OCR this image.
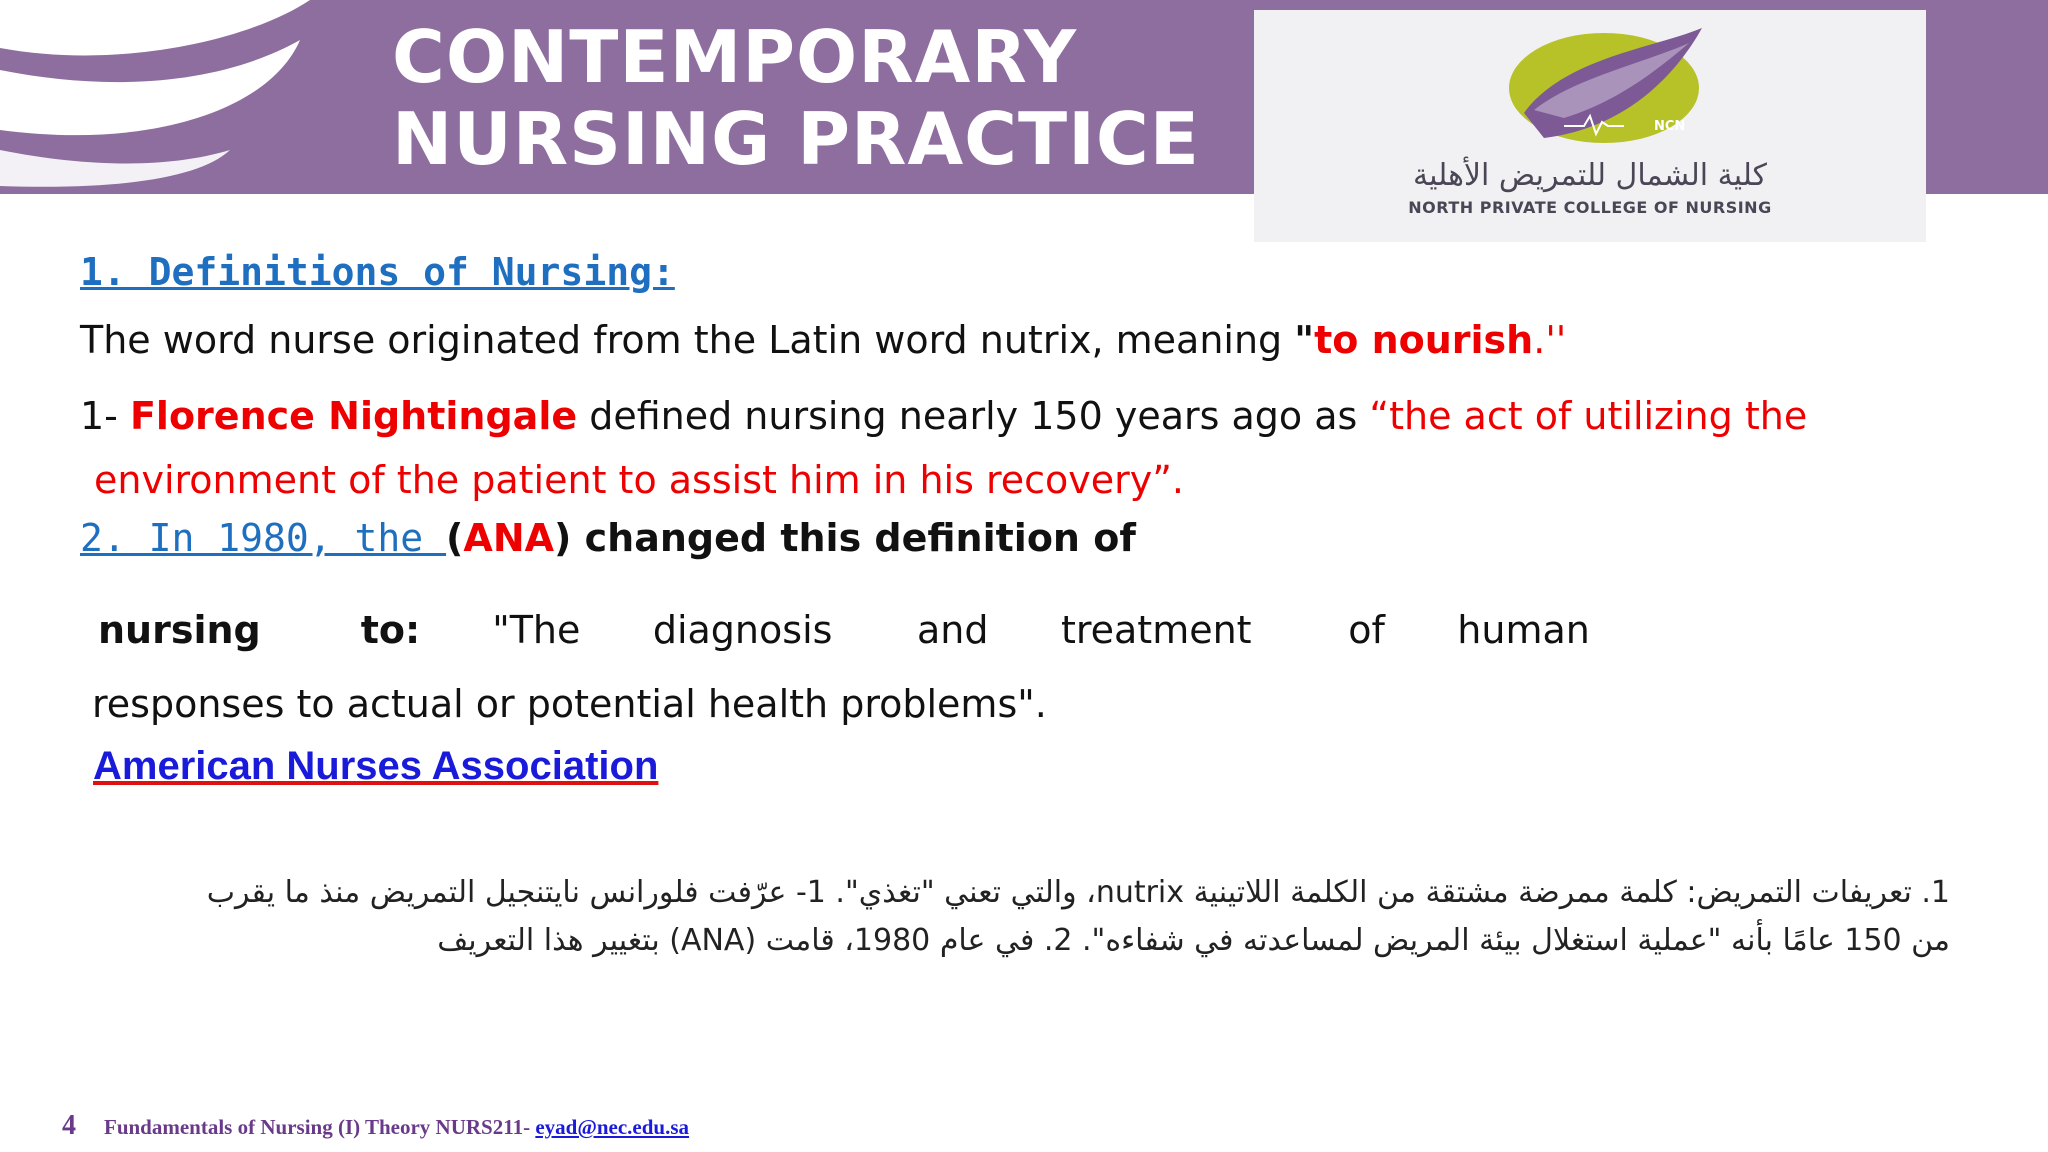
CONTEMPORARY
NURSING PRACTICE	NCN

كلية الشمال للتمريض الأهلية

NORTH PRIVATE COLLEGE OF NURSING

1. Definitions of Nursing:

The word nurse originated from the Latin word nutrix, meaning "to nourish.''

1- Florence Nightingale defined nursing nearly 150 years ago as “the act of utilizing the

environment of the patient to assist him in his recovery”.

2. In 1980, the (ANA) changed this definition of

nursing	to: "The      diagnosis       and      treatment        of      human

responses to actual or potential health problems".

American Nurses Association

1. تعريفات التمريض: كلمة ممرضة مشتقة من الكلمة اللاتينية nutrix، والتي تعني "تغذي". 1- عرّفت فلورانس نايتنجيل التمريض منذ ما يقرب

من 150 عامًا بأنه "عملية استغلال بيئة المريض لمساعدته في شفاءه". 2. في عام 1980، قامت (ANA) بتغيير هذا التعريف

4 Fundamentals of Nursing (I) Theory NURS211- eyad@nec.edu.sa
